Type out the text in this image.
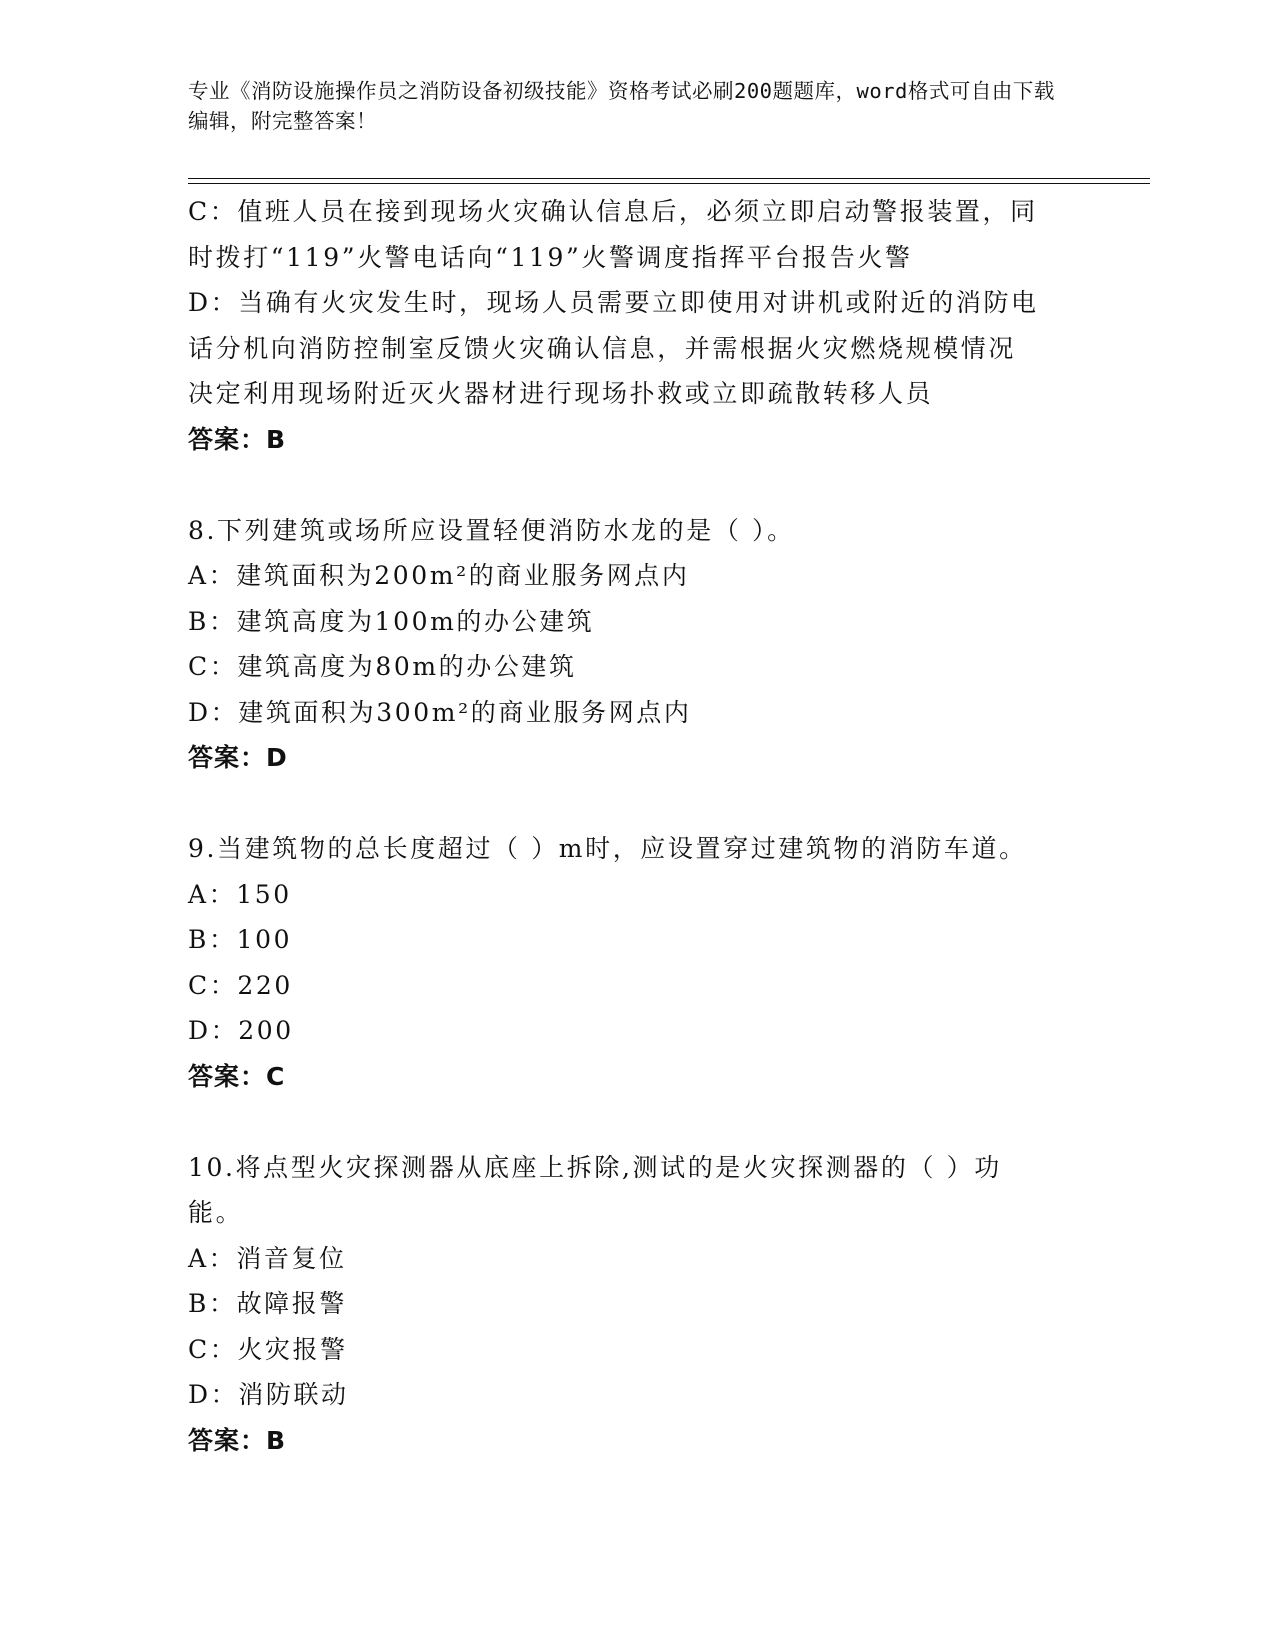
专业《消防设施操作员之消防设备初级技能》资格考试必刷200题题库，word格式可自由下载编辑，附完整答案！
C：值班人员在接到现场火灾确认信息后，必须立即启动警报装置，同
时拨打“119”火警电话向“119”火警调度指挥平台报告火警
D：当确有火灾发生时，现场人员需要立即使用对讲机或附近的消防电
话分机向消防控制室反馈火灾确认信息，并需根据火灾燃烧规模情况
决定利用现场附近灭火器材进行现场扑救或立即疏散转移人员
答案：B
8.下列建筑或场所应设置轻便消防水龙的是（ ）。
A：建筑面积为200m²的商业服务网点内
B：建筑高度为100m的办公建筑
C：建筑高度为80m的办公建筑
D：建筑面积为300m²的商业服务网点内
答案：D
9.当建筑物的总长度超过（ ）m时，应设置穿过建筑物的消防车道。
A：150
B：100
C：220
D：200
答案：C
10.将点型火灾探测器从底座上拆除,测试的是火灾探测器的（ ）功
能。
A：消音复位
B：故障报警
C：火灾报警
D：消防联动
答案：B
